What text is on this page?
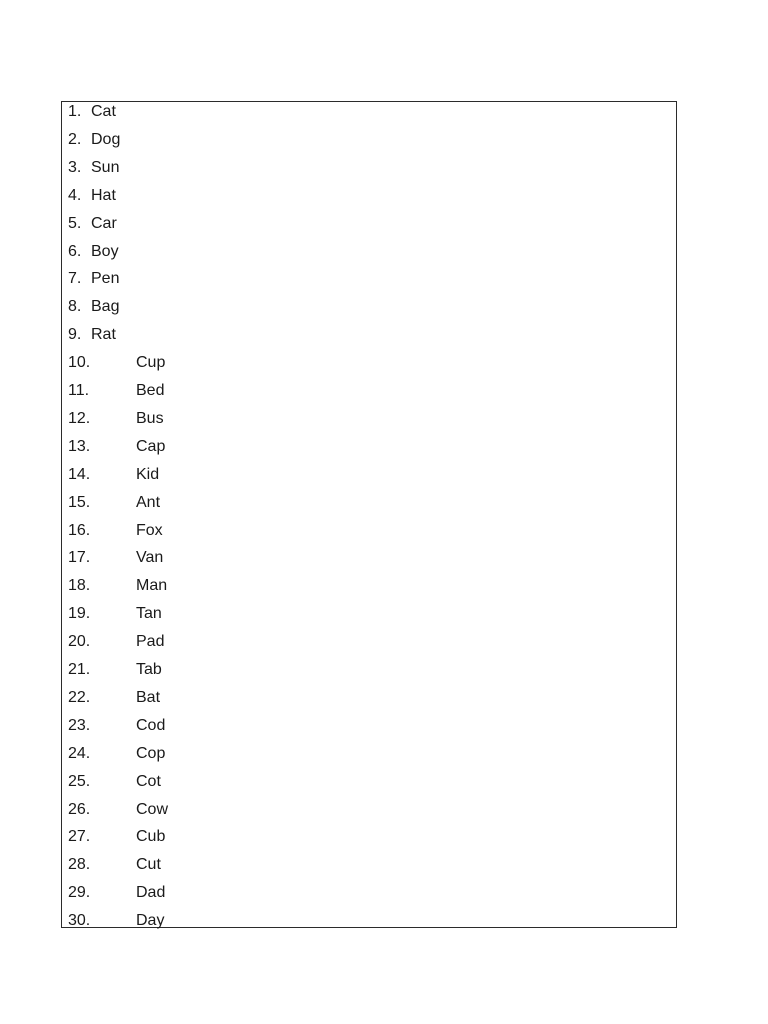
1. Cat
2. Dog
3. Sun
4. Hat
5. Car
6. Boy
7. Pen
8. Bag
9. Rat
10.	Cup
11.	Bed
12.	Bus
13.	Cap
14.	Kid
15.	Ant
16.	Fox
17.	Van
18.	Man
19.	Tan
20.	Pad
21.	Tab
22.	Bat
23.	Cod
24.	Cop
25.	Cot
26.	Cow
27.	Cub
28.	Cut
29.	Dad
30.	Day
